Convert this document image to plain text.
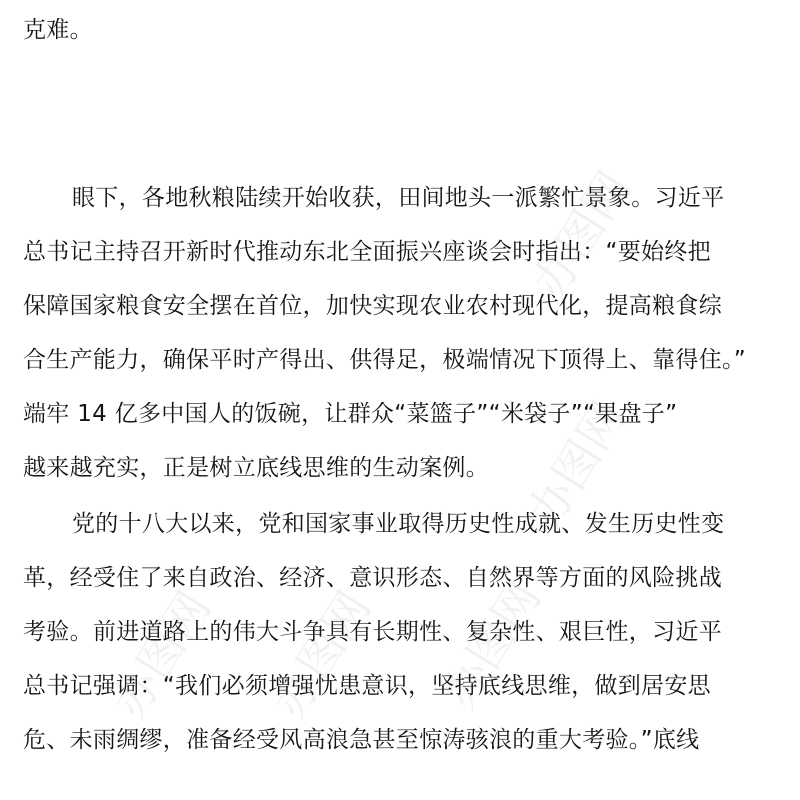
办图网
办图网
办图网 办图网 办图网
克难。
眼下，各地秋粮陆续开始收获，田间地头一派繁忙景象。习近平
总书记主持召开新时代推动东北全面振兴座谈会时指出：“要始终把
保障国家粮食安全摆在首位，加快实现农业农村现代化，提高粮食综
合生产能力，确保平时产得出、供得足，极端情况下顶得上、靠得住。”
端牢 14 亿多中国人的饭碗，让群众“菜篮子”“米袋子”“果盘子”
越来越充实，正是树立底线思维的生动案例。
党的十八大以来，党和国家事业取得历史性成就、发生历史性变
革，经受住了来自政治、经济、意识形态、自然界等方面的风险挑战
考验。前进道路上的伟大斗争具有长期性、复杂性、艰巨性，习近平
总书记强调：“我们必须增强忧患意识，坚持底线思维，做到居安思
危、未雨绸缪，准备经受风高浪急甚至惊涛骇浪的重大考验。”底线
